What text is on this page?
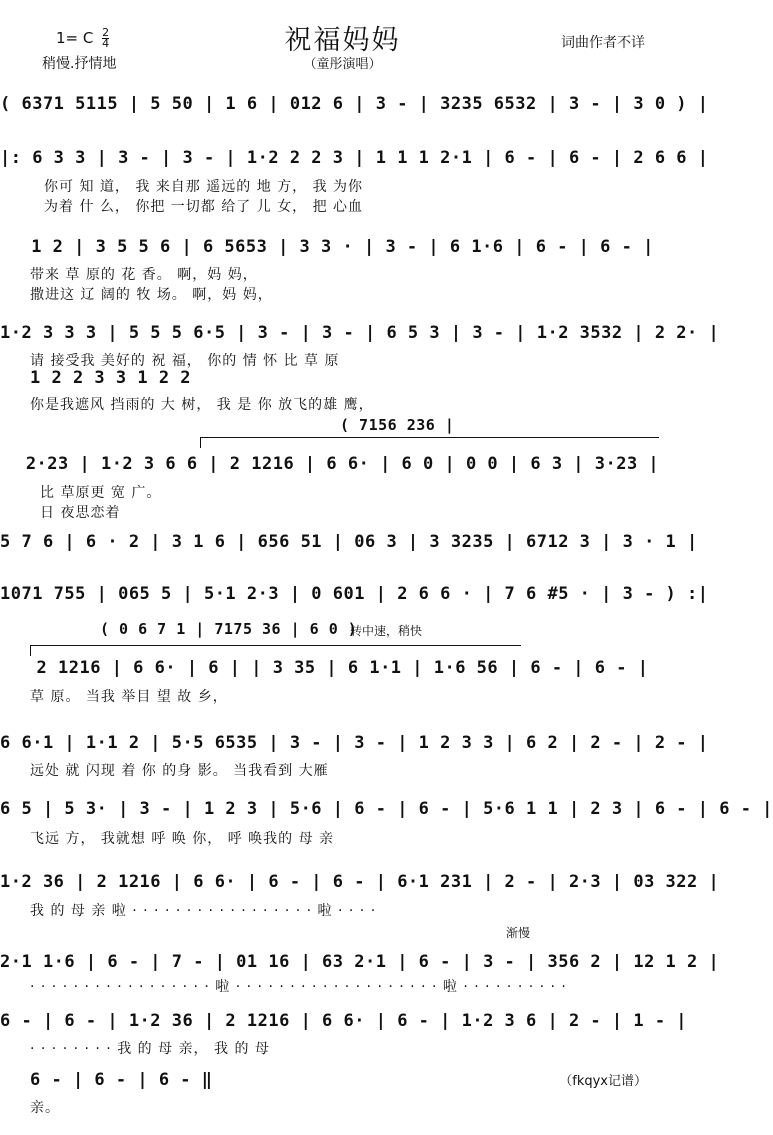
1= C $\frac{2}{4}$	祝福妈妈	词曲作者不详
稍慢.抒情地	（童彤演唱）
( 6371 5115 | 5 50 | 1 6 | 012 6 | 3 - | 3235 6532 | 3 - | 3 0 ) |
|: 6 3 3 | 3 - | 3 - | 1·2 2 2 3 | 1 1 1 2·1 | 6 - | 6 - | 2 6 6 |
你可 知 道， 我 来自那 遥远的 地 方， 我 为你
为着 什 么， 你把 一切都 给了 儿 女， 把 心血
1 2 | 3 5 5 6 | 6 5653 | 3 3 · | 3 - | 6 1·6 | 6 - | 6 - |
带来 草 原的 花 香。 啊，妈 妈，
撒进这 辽 阔的 牧 场。 啊，妈 妈，
1·2 3 3 3 | 5 5 5 6·5 | 3 - | 3 - | 6 5 3 | 3 - | 1·2 3532 | 2 2· |
请 接受我 美好的 祝 福， 你的 情 怀 比 草 原
1 2 2 3 3 1 2 2
你是我遮风 挡雨的 大 树， 我 是 你 放飞的雄 鹰，
( 7156 236 |
2·23 | 1·2 3 6 6 | 2 1216 | 6 6· | 6 0 | 0 0 | 6 3 | 3·23 |
比 草原更 宽 广。
日 夜思恋着
5 7 6 | 6 · 2 | 3 1 6 | 656 51 | 06 3 | 3 3235 | 6712 3 | 3 · 1 |
1071 755 | 065 5 | 5·1 2·3 | 0 601 | 2 6 6 · | 7 6 #5 · | 3 - ) :|
( 0 6 7 1 | 7175 36 | 6 0 )
转中速，稍快
2 1216 | 6 6· | 6 | | 3 35 | 6 1·1 | 1·6 56 | 6 - | 6 - |
草 原。 当我 举目 望 故 乡，
6 6·1 | 1·1 2 | 5·5 6535 | 3 - | 3 - | 1 2 3 3 | 6 2 | 2 - | 2 - |
远处 就 闪现 着 你 的身 影。 当我看到 大雁
6 5 | 5 3· | 3 - | 1 2 3 | 5·6 | 6 - | 6 - | 5·6 1 1 | 2 3 | 6 - | 6 - |
飞远 方， 我就想 呼 唤 你， 呼 唤我的 母 亲
1·2 36 | 2 1216 | 6 6· | 6 - | 6 - | 6·1 231 | 2 - | 2·3 | 03 322 |
我 的 母 亲 啦 · · · · · · · · · · · · · · · · · 啦 · · · ·
渐慢
2·1 1·6 | 6 - | 7 - | 01 16 | 63 2·1 | 6 - | 3 - | 356 2 | 12 1 2 |
· · · · · · · · · · · · · · · · · 啦 · · · · · · · · · · · · · · · · · · · 啦 · · · · · · · · · ·
6 - | 6 - | 1·2 36 | 2 1216 | 6 6· | 6 - | 1·2 3 6 | 2 - | 1 - |
· · · · · · · · 我 的 母 亲， 我 的 母
6 - | 6 - | 6 - ‖
亲。
（fkqyx记谱）
